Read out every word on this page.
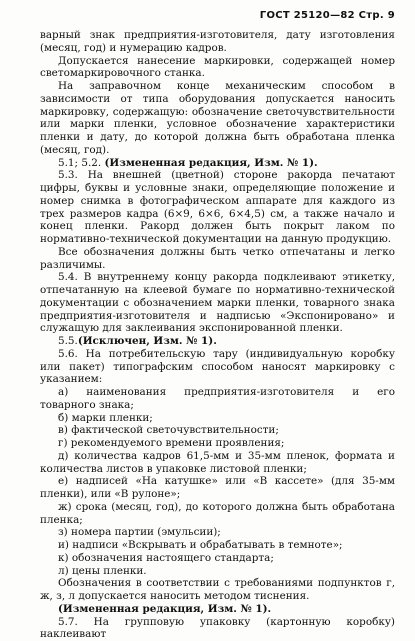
ГОСТ 25120—82 Стр. 9

варный знак предприятия-изготовителя, дату изготовления (месяц, год) и нумерацию кадров.

Допускается нанесение маркировки, содержащей номер светомаркировочного станка.

На заправочном конце механическим способом в зависимости от типа оборудования допускается наносить маркировку, содержащую: обозначение светочувствительности или марки пленки, условное обозначение характеристики пленки и дату, до которой должна быть обработана пленка (месяц, год).

5.1; 5.2. (Измененная редакция, Изм. № 1).

5.3. На внешней (цветной) стороне ракорда печатают цифры, буквы и условные знаки, определяющие положение и номер снимка в фотографическом аппарате для каждого из трех размеров кадра (6×9, 6×6, 6×4,5) см, а также начало и конец пленки. Ракорд должен быть покрыт лаком по нормативно-технической документации на данную продукцию.

Все обозначения должны быть четко отпечатаны и легко различимы.

5.4. В внутреннему концу ракорда подклеивают этикетку, отпечатанную на клеевой бумаге по нормативно-технической документации с обозначением марки пленки, товарного знака предприятия-изготовителя и надписью «Экспонировано» и служащую для заклеивания экспонированной пленки.

5.5.(Исключен, Изм. № 1).

5.6. На потребительскую тару (индивидуальную коробку или пакет) типографским способом наносят маркировку с указанием:

а) наименования предприятия-изготовителя и его товарного знака;

б) марки пленки;

в) фактической светочувствительности;

г) рекомендуемого времени проявления;

д) количества кадров 61,5-мм и 35-мм пленок, формата и количества листов в упаковке листовой пленки;

е) надписей «На катушке» или «В кассете» (для 35-мм пленки), или «В рулоне»;

ж) срока (месяц, год), до которого должна быть обработана пленка;

з) номера партии (эмульсии);

и) надписи «Вскрывать и обрабатывать в темноте»;

к) обозначения настоящего стандарта;

л) цены пленки.

Обозначения в соответствии с требованиями подпунктов г, ж, з, л допускается наносить методом тиснения.

(Измененная редакция, Изм. № 1).

5.7. На групповую упаковку (картонную коробку) наклеивают
